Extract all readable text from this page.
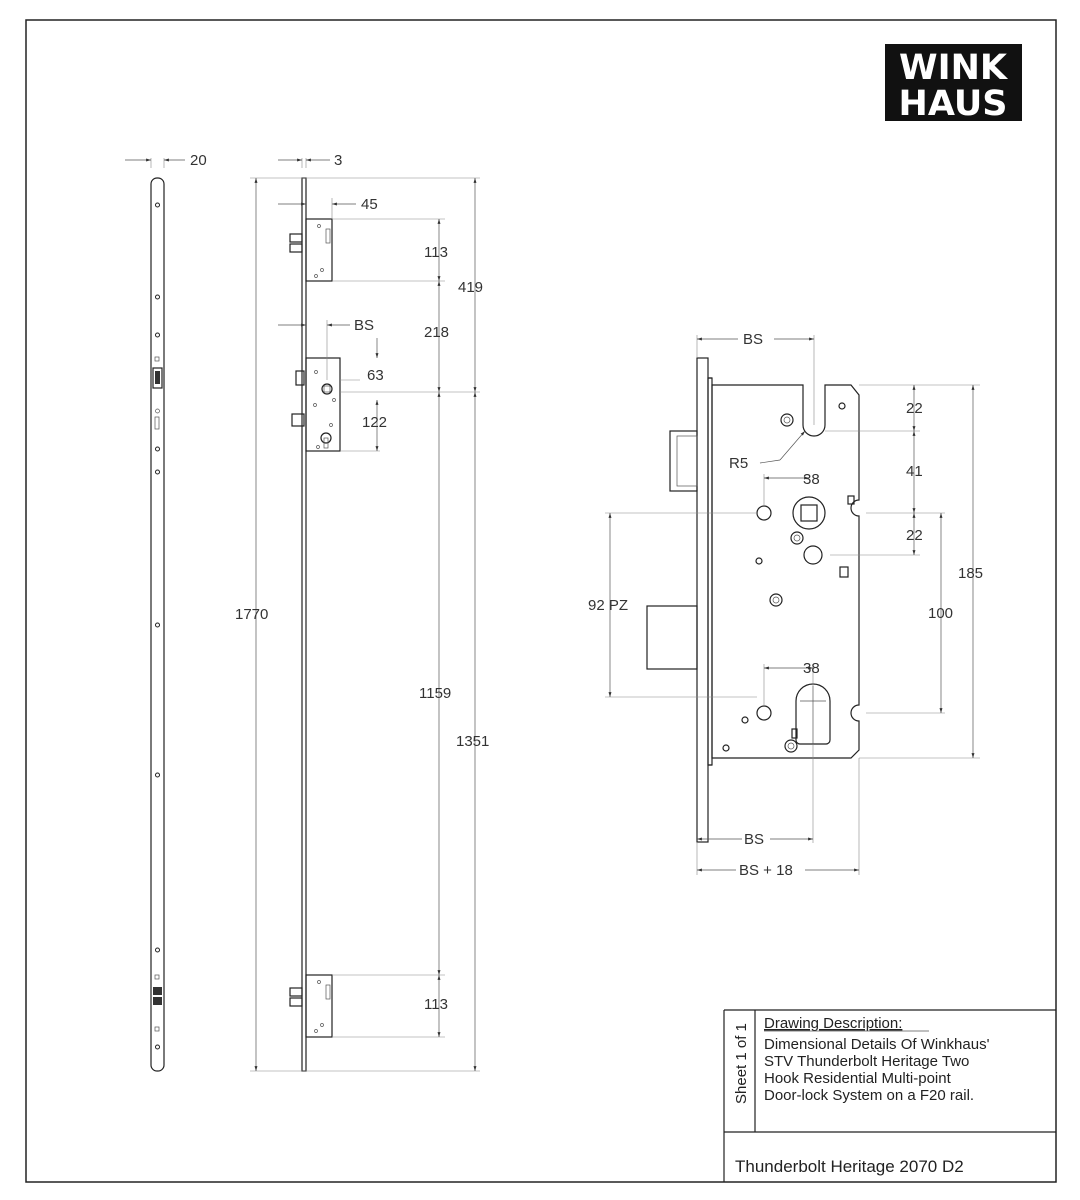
WINK
HAUS
20	3
45
113
419
218
BS
63
122
1770
1159
1351
113
BS
R5
22
41
22
185
100
38
38
92 PZ
BS
BS + 18
Sheet 1 of 1 Drawing Description:
Dimensional Details Of Winkhaus'
STV Thunderbolt Heritage Two
Hook Residential Multi-point
Door-lock System on a F20 rail.
Thunderbolt Heritage 2070 D2
